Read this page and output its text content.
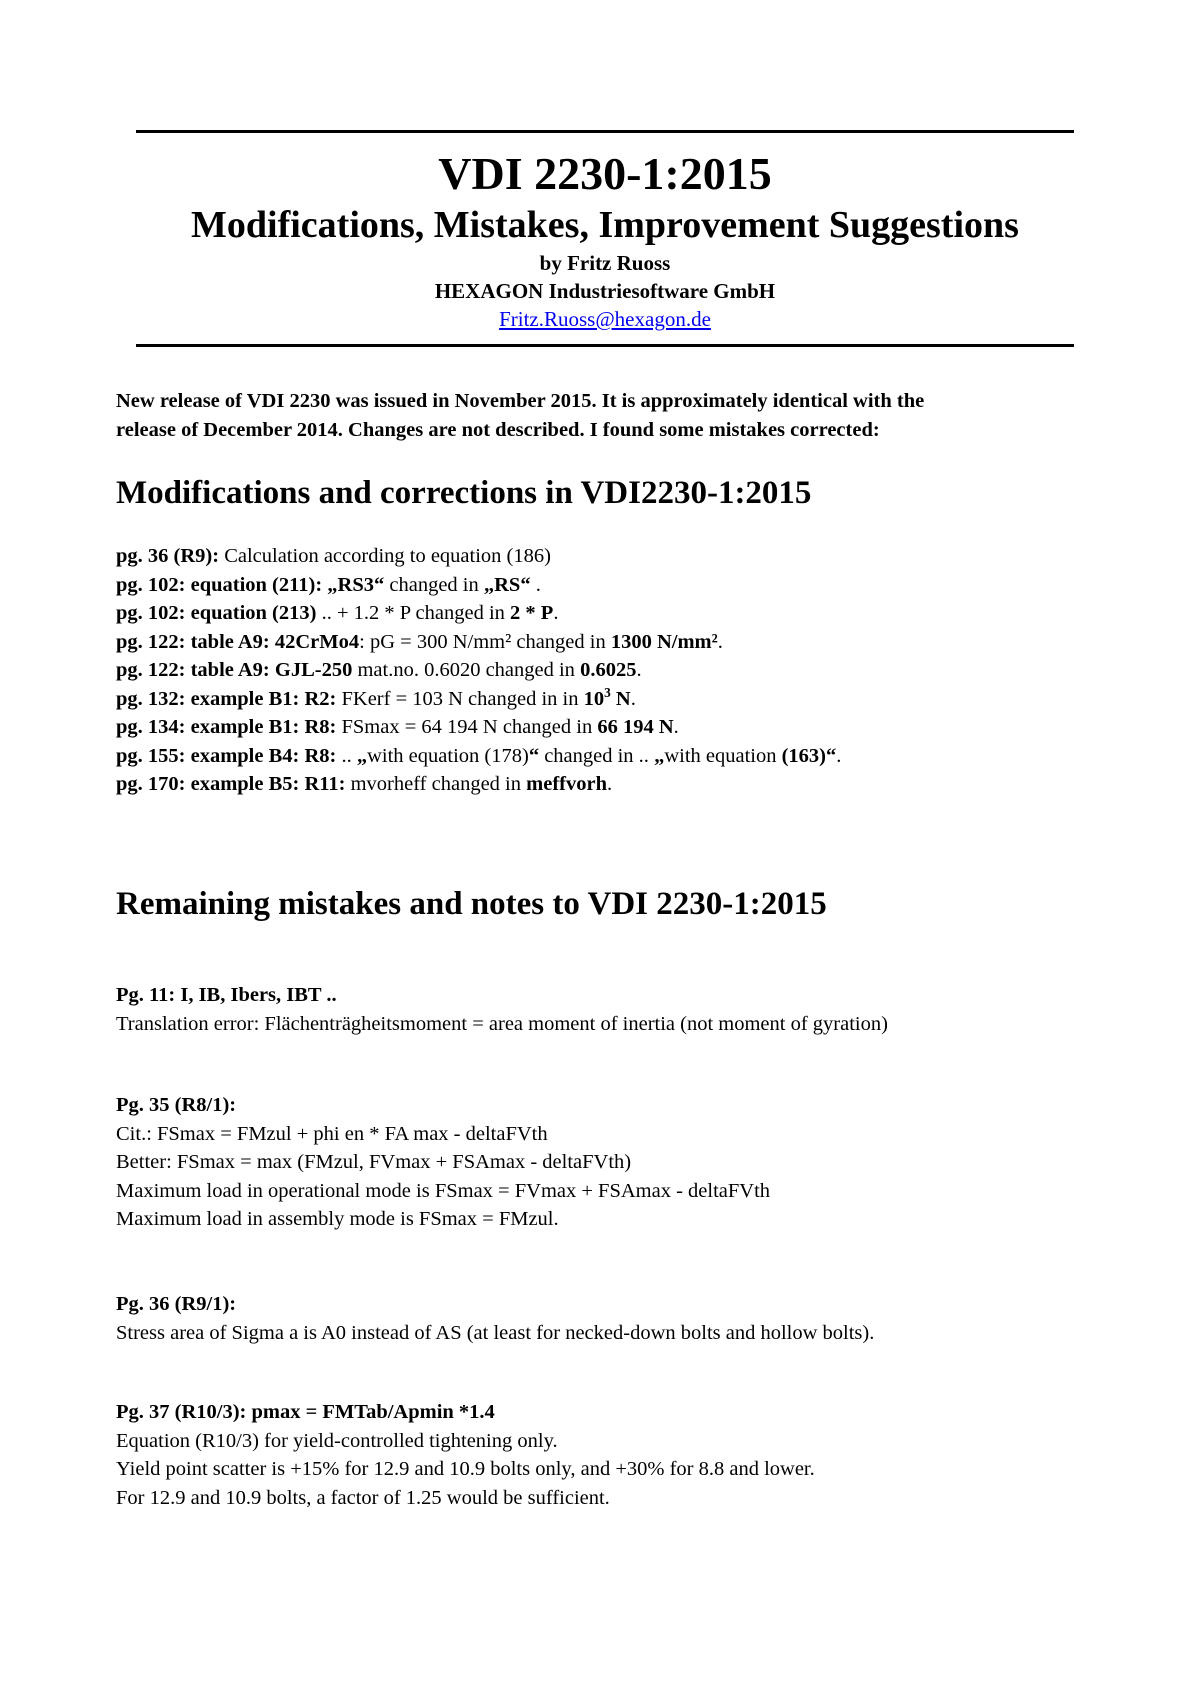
VDI 2230-1:2015
Modifications, Mistakes, Improvement Suggestions
by Fritz Ruoss
HEXAGON Industriesoftware GmbH
Fritz.Ruoss@hexagon.de
New release of VDI 2230 was issued in November 2015. It is approximately identical with the
release of December 2014. Changes are not described. I found some mistakes corrected:
Modifications and corrections in VDI2230-1:2015
pg. 36 (R9): Calculation according to equation (186)
pg. 102: equation (211): „RS3“ changed in „RS“ .
pg. 102: equation (213) .. + 1.2 * P changed in 2 * P.
pg. 122: table A9: 42CrMo4: pG = 300 N/mm² changed in 1300 N/mm².
pg. 122: table A9: GJL-250 mat.no. 0.6020 changed in 0.6025.
pg. 132: example B1: R2: FKerf = 103 N changed in in $10^3$ N.
pg. 134: example B1: R8: FSmax = 64 194 N changed in 66 194 N.
pg. 155: example B4: R8: .. „with equation (178)“ changed in .. „with equation (163)“.
pg. 170: example B5: R11: mvorheff changed in meffvorh.
Remaining mistakes and notes to VDI 2230-1:2015
Pg. 11: I, IB, Ibers, IBT ..
Translation error: Flächenträgheitsmoment = area moment of inertia (not moment of gyration)
Pg. 35 (R8/1):
Cit.: FSmax = FMzul + phi en * FA max - deltaFVth
Better: FSmax = max (FMzul, FVmax + FSAmax - deltaFVth)
Maximum load in operational mode is FSmax = FVmax + FSAmax - deltaFVth
Maximum load in assembly mode is FSmax = FMzul.
Pg. 36 (R9/1):
Stress area of Sigma a is A0 instead of AS (at least for necked-down bolts and hollow bolts).
Pg. 37 (R10/3): pmax = FMTab/Apmin *1.4
Equation (R10/3) for yield-controlled tightening only.
Yield point scatter is +15% for 12.9 and 10.9 bolts only, and +30% for 8.8 and lower.
For 12.9 and 10.9 bolts, a factor of 1.25 would be sufficient.
